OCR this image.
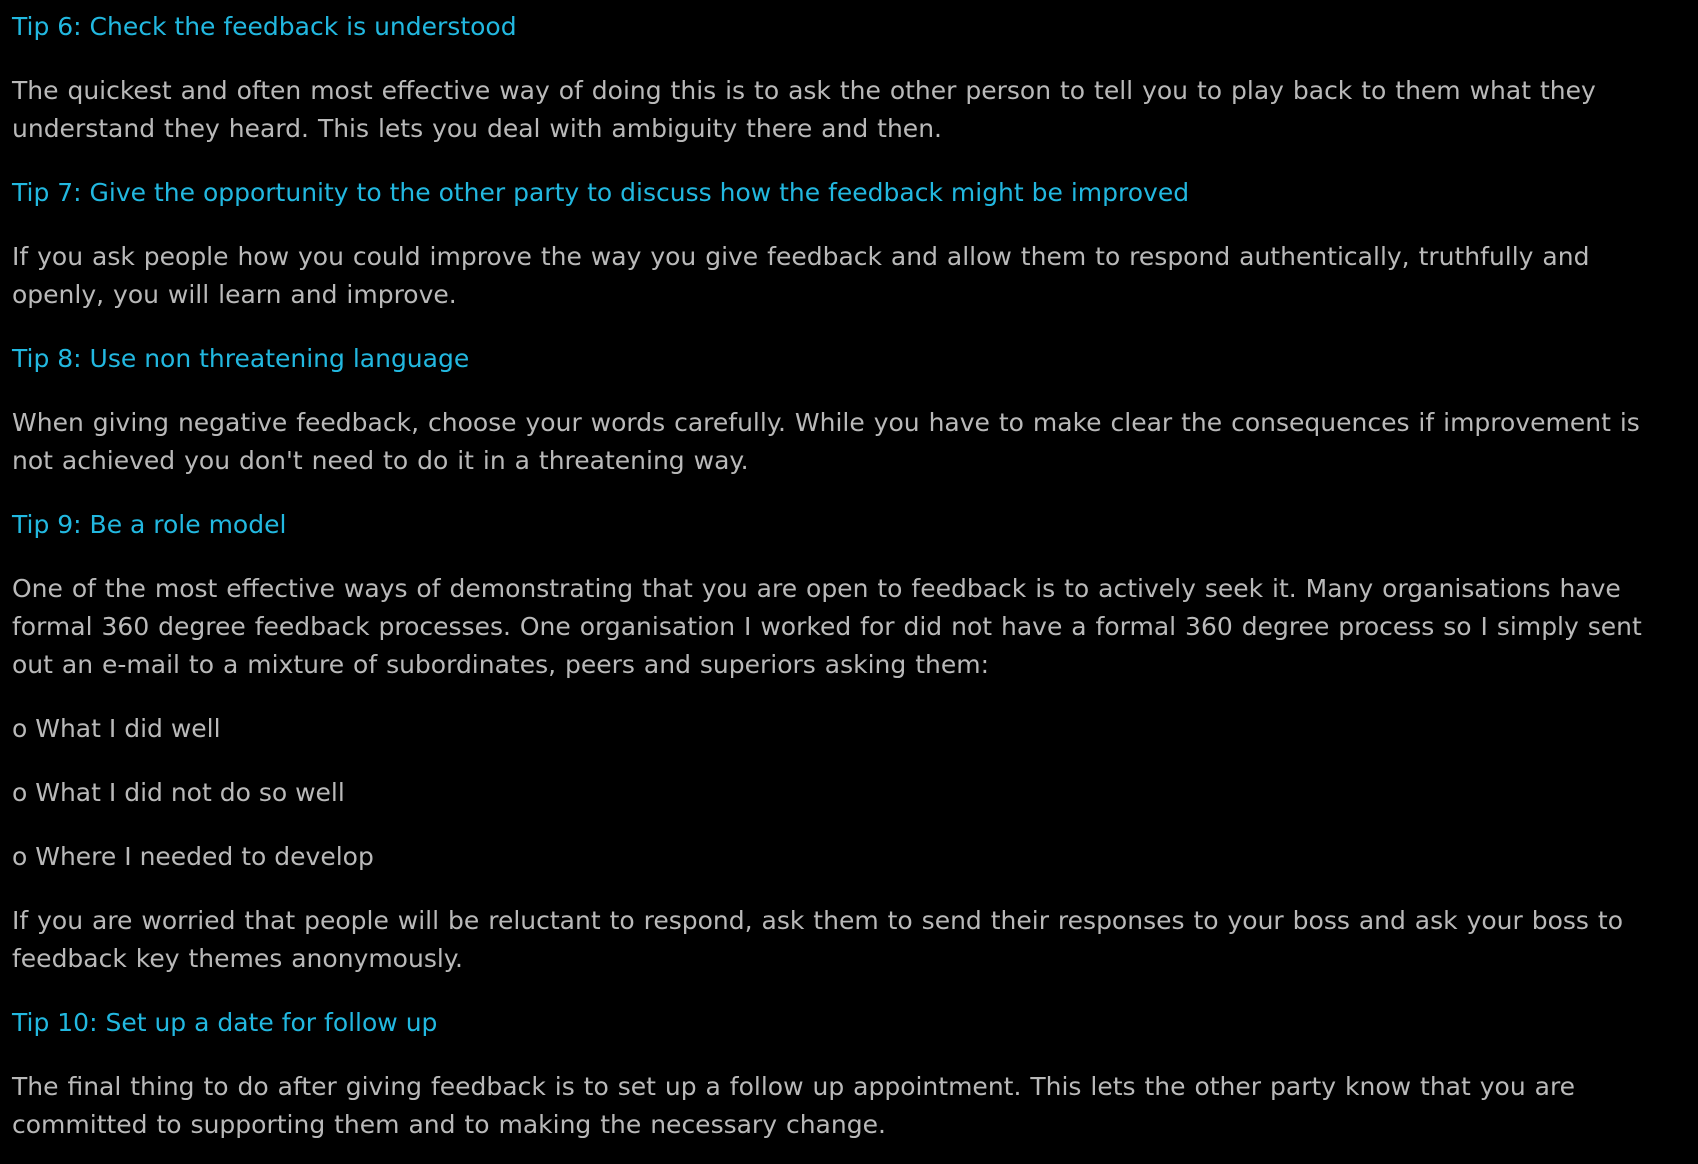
Tip 6: Check the feedback is understood

The quickest and often most effective way of doing this is to ask the other person to tell you to play back to them what they understand they heard. This lets you deal with ambiguity there and then.

Tip 7: Give the opportunity to the other party to discuss how the feedback might be improved

If you ask people how you could improve the way you give feedback and allow them to respond authentically, truthfully and openly, you will learn and improve.

Tip 8: Use non threatening language

When giving negative feedback, choose your words carefully. While you have to make clear the consequences if improvement is not achieved you don't need to do it in a threatening way.

Tip 9: Be a role model

One of the most effective ways of demonstrating that you are open to feedback is to actively seek it. Many organisations have formal 360 degree feedback processes. One organisation I worked for did not have a formal 360 degree process so I simply sent out an e-mail to a mixture of subordinates, peers and superiors asking them:

o What I did well

o What I did not do so well

o Where I needed to develop

If you are worried that people will be reluctant to respond, ask them to send their responses to your boss and ask your boss to feedback key themes anonymously.

Tip 10: Set up a date for follow up

The final thing to do after giving feedback is to set up a follow up appointment. This lets the other party know that you are committed to supporting them and to making the necessary change.
